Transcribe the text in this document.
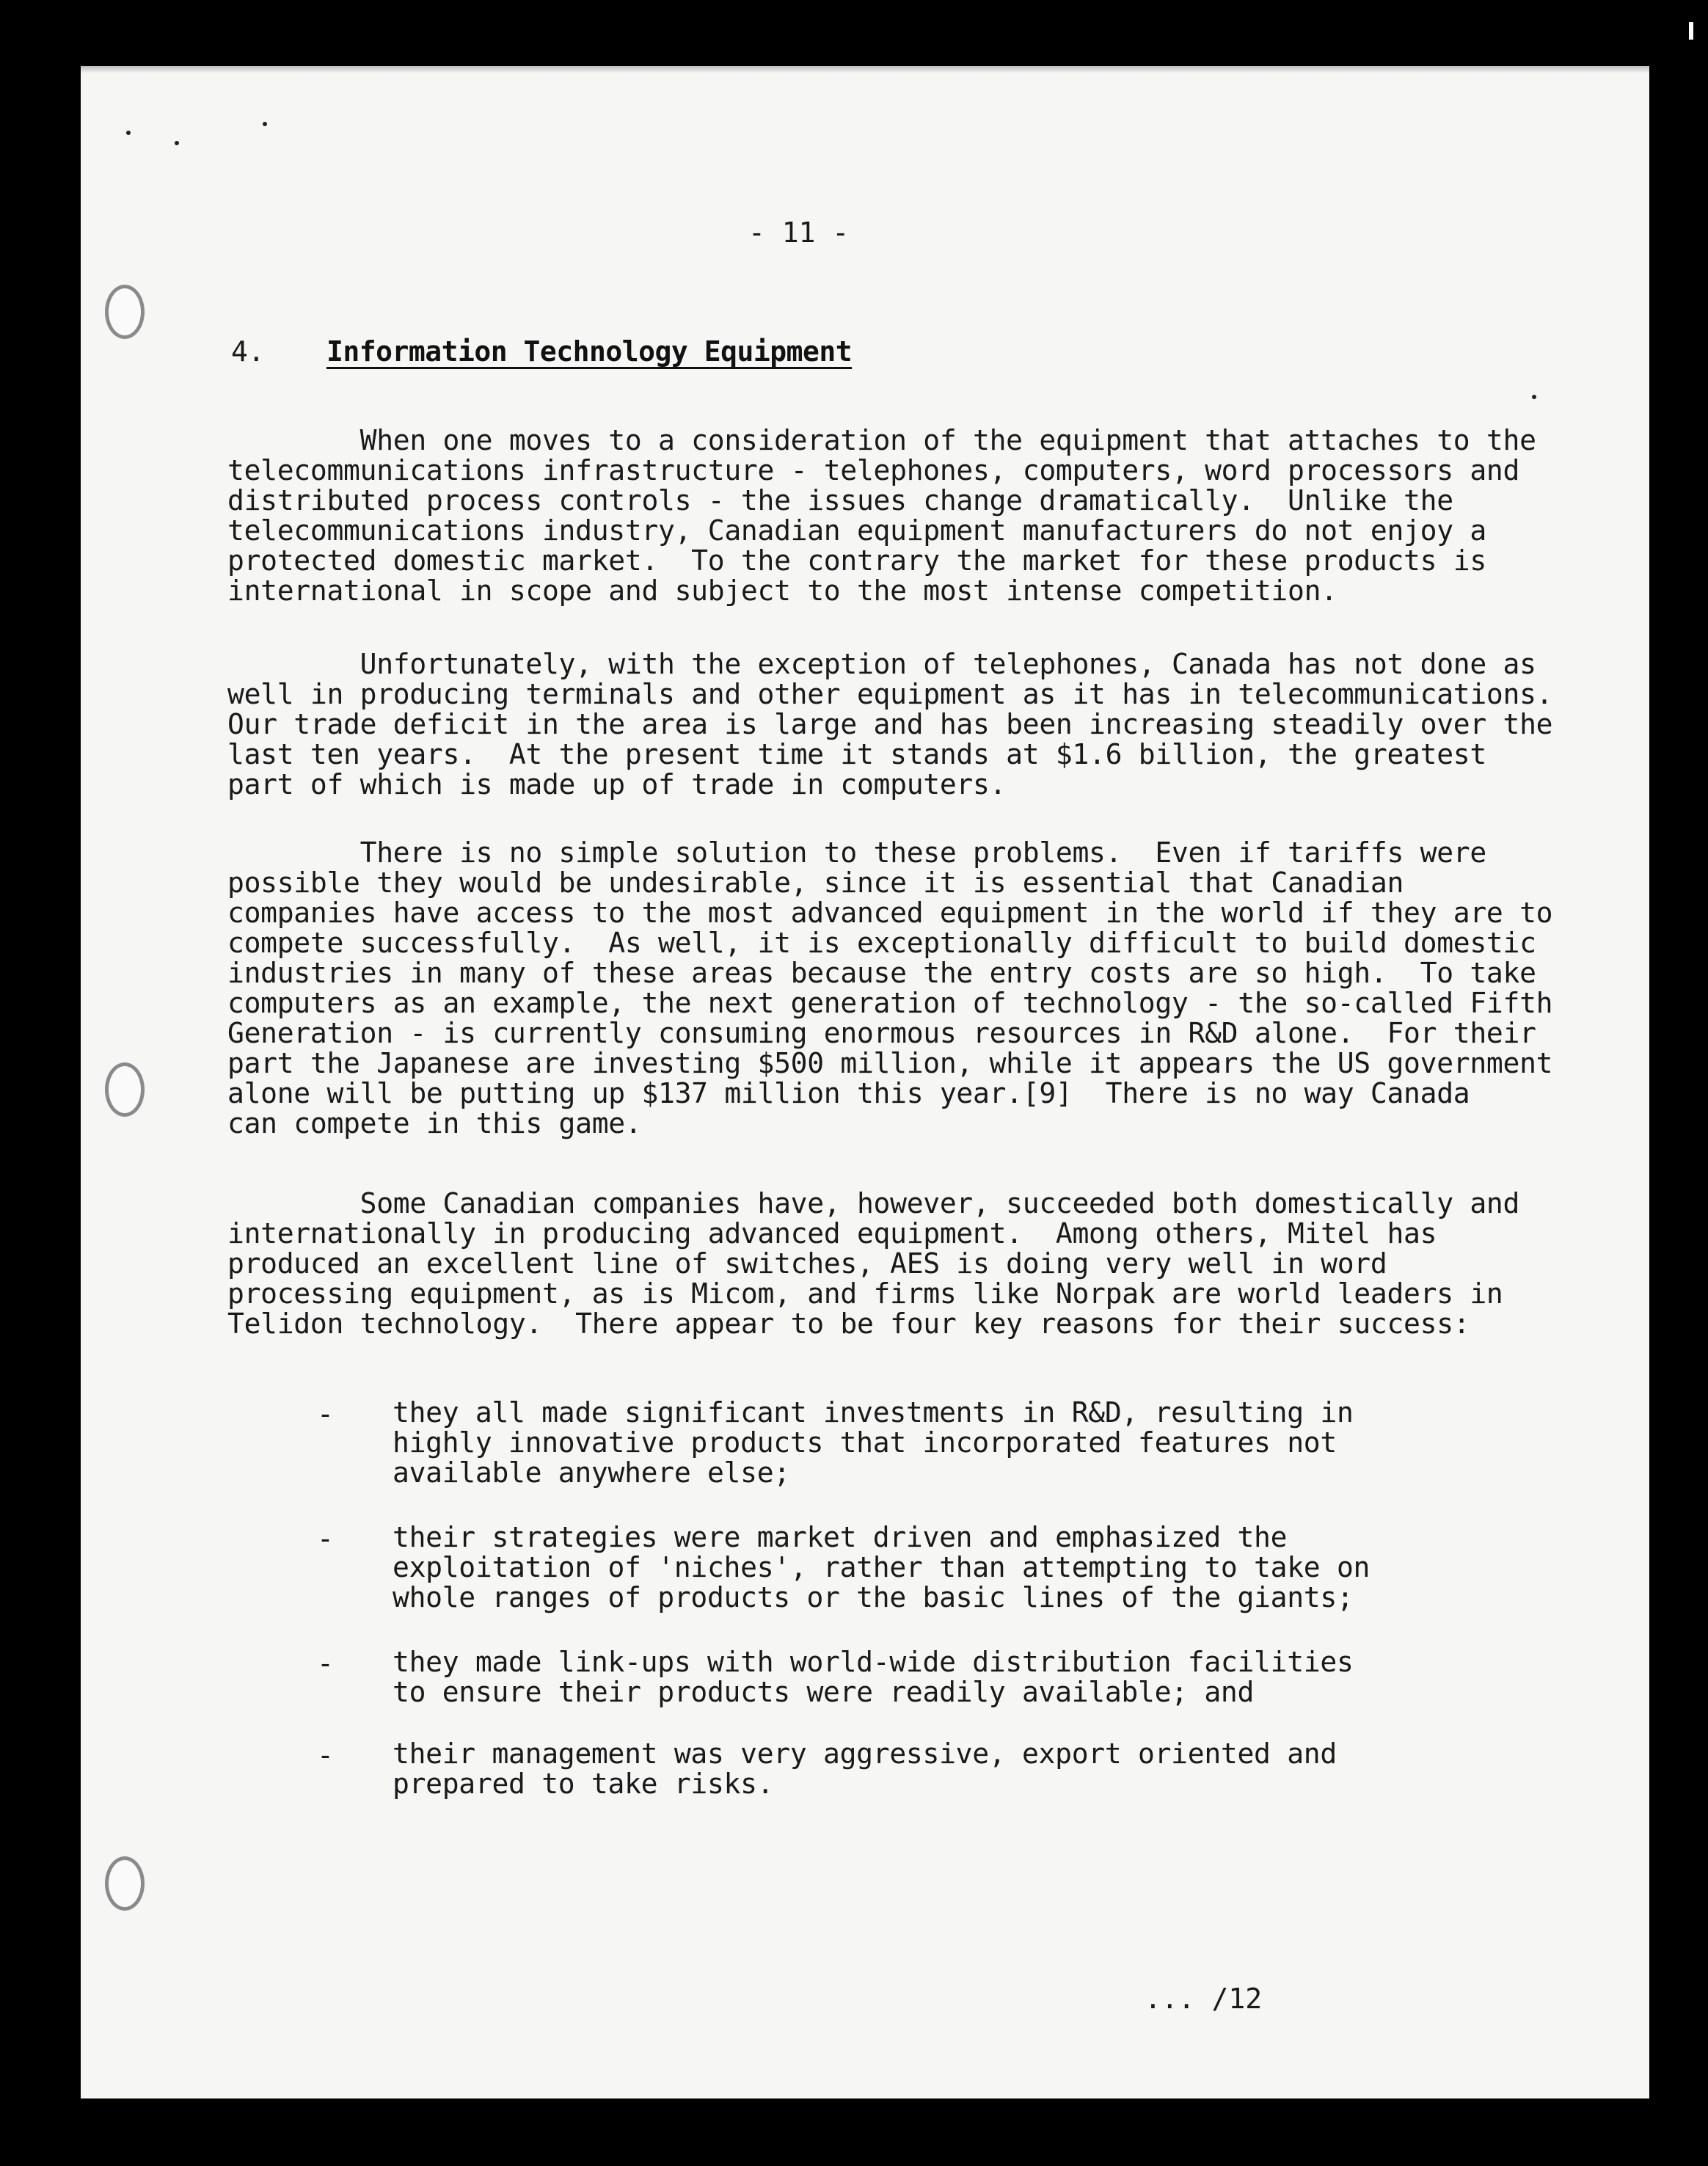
- 11 -
4. Information Technology Equipment
When one moves to a consideration of the equipment that attaches to the
telecommunications infrastructure - telephones, computers, word processors and
distributed process controls - the issues change dramatically.  Unlike the
telecommunications industry, Canadian equipment manufacturers do not enjoy a
protected domestic market.  To the contrary the market for these products is
international in scope and subject to the most intense competition.
Unfortunately, with the exception of telephones, Canada has not done as
well in producing terminals and other equipment as it has in telecommunications.
Our trade deficit in the area is large and has been increasing steadily over the
last ten years.  At the present time it stands at $1.6 billion, the greatest
part of which is made up of trade in computers.
There is no simple solution to these problems.  Even if tariffs were
possible they would be undesirable, since it is essential that Canadian
companies have access to the most advanced equipment in the world if they are to
compete successfully.  As well, it is exceptionally difficult to build domestic
industries in many of these areas because the entry costs are so high.  To take
computers as an example, the next generation of technology - the so-called Fifth
Generation - is currently consuming enormous resources in R&D alone.  For their
part the Japanese are investing $500 million, while it appears the US government
alone will be putting up $137 million this year.[9]  There is no way Canada
can compete in this game.
Some Canadian companies have, however, succeeded both domestically and
internationally in producing advanced equipment.  Among others, Mitel has
produced an excellent line of switches, AES is doing very well in word
processing equipment, as is Micom, and firms like Norpak are world leaders in
Telidon technology.  There appear to be four key reasons for their success:
- they all made significant investments in R&D, resulting in
highly innovative products that incorporated features not
available anywhere else;
- their strategies were market driven and emphasized the
exploitation of 'niches', rather than attempting to take on
whole ranges of products or the basic lines of the giants;
- they made link-ups with world-wide distribution facilities
to ensure their products were readily available; and
- their management was very aggressive, export oriented and
prepared to take risks.
... /12
